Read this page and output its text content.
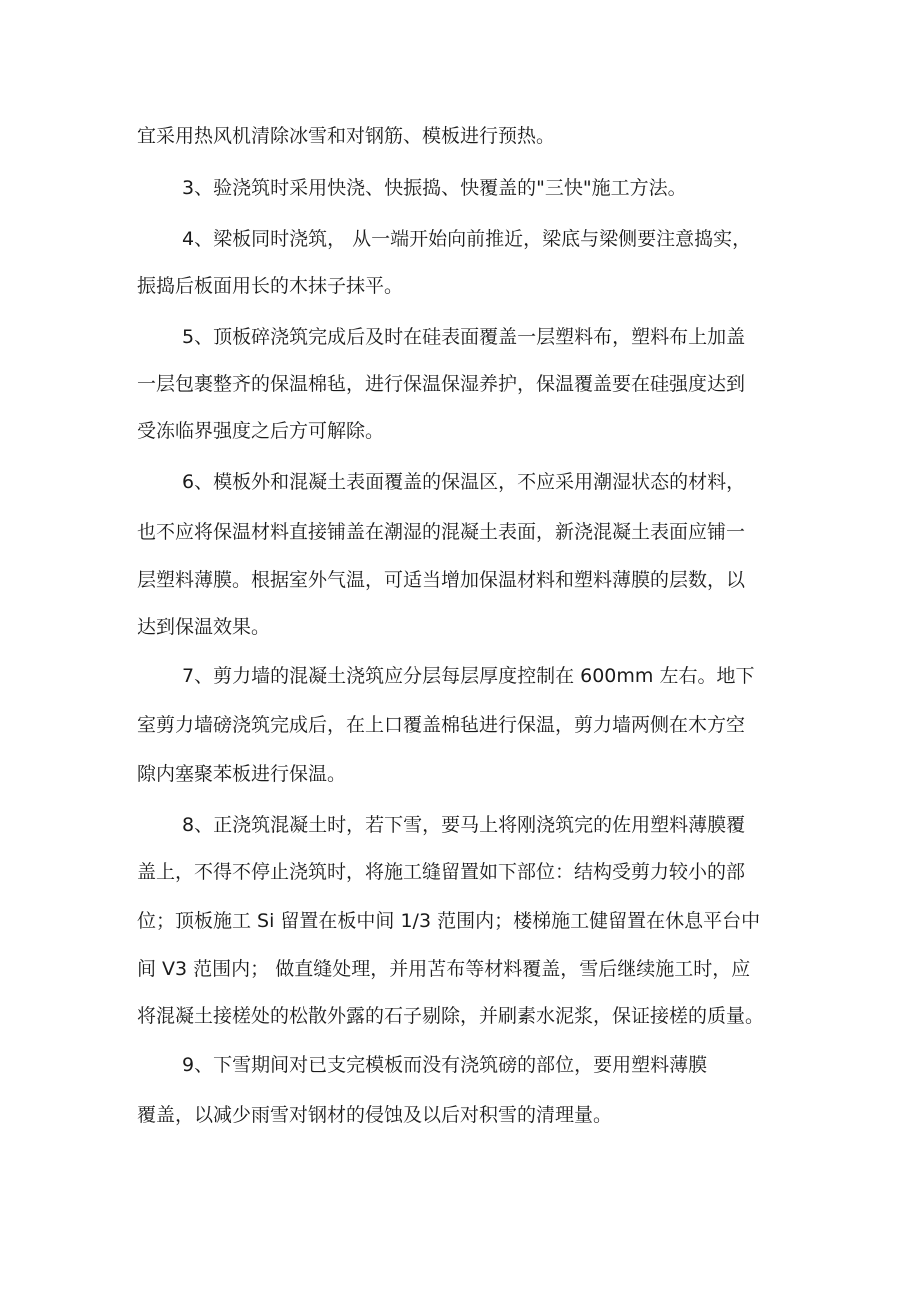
宜采用热风机清除冰雪和对钢筋、模板进行预热。
3、验浇筑时采用快浇、快振捣、快覆盖的"三快"施工方法。
4、梁板同时浇筑， 从一端开始向前推近，梁底与梁侧要注意捣实，
振捣后板面用长的木抹子抹平。
5、顶板碎浇筑完成后及时在硅表面覆盖一层塑料布，塑料布上加盖
一层包裹整齐的保温棉毡，进行保温保湿养护，保温覆盖要在硅强度达到
受冻临界强度之后方可解除。
6、模板外和混凝土表面覆盖的保温区，不应采用潮湿状态的材料，
也不应将保温材料直接铺盖在潮湿的混凝土表面，新浇混凝土表面应铺一
层塑料薄膜。根据室外气温，可适当增加保温材料和塑料薄膜的层数，以
达到保温效果。
7、剪力墙的混凝土浇筑应分层每层厚度控制在 600mm 左右。地下
室剪力墙磅浇筑完成后，在上口覆盖棉毡进行保温，剪力墙两侧在木方空
隙内塞聚苯板进行保温。
8、正浇筑混凝土时，若下雪，要马上将刚浇筑完的佐用塑料薄膜覆
盖上，不得不停止浇筑时，将施工缝留置如下部位：结构受剪力较小的部
位；顶板施工 Si 留置在板中间 1/3 范围内；楼梯施工健留置在休息平台中
间 V3 范围内； 做直缝处理，并用苫布等材料覆盖，雪后继续施工时，应
将混凝土接槎处的松散外露的石子剔除，并刷素水泥浆，保证接槎的质量。
9、下雪期间对已支完模板而没有浇筑磅的部位，要用塑料薄膜
覆盖，以减少雨雪对钢材的侵蚀及以后对积雪的清理量。
